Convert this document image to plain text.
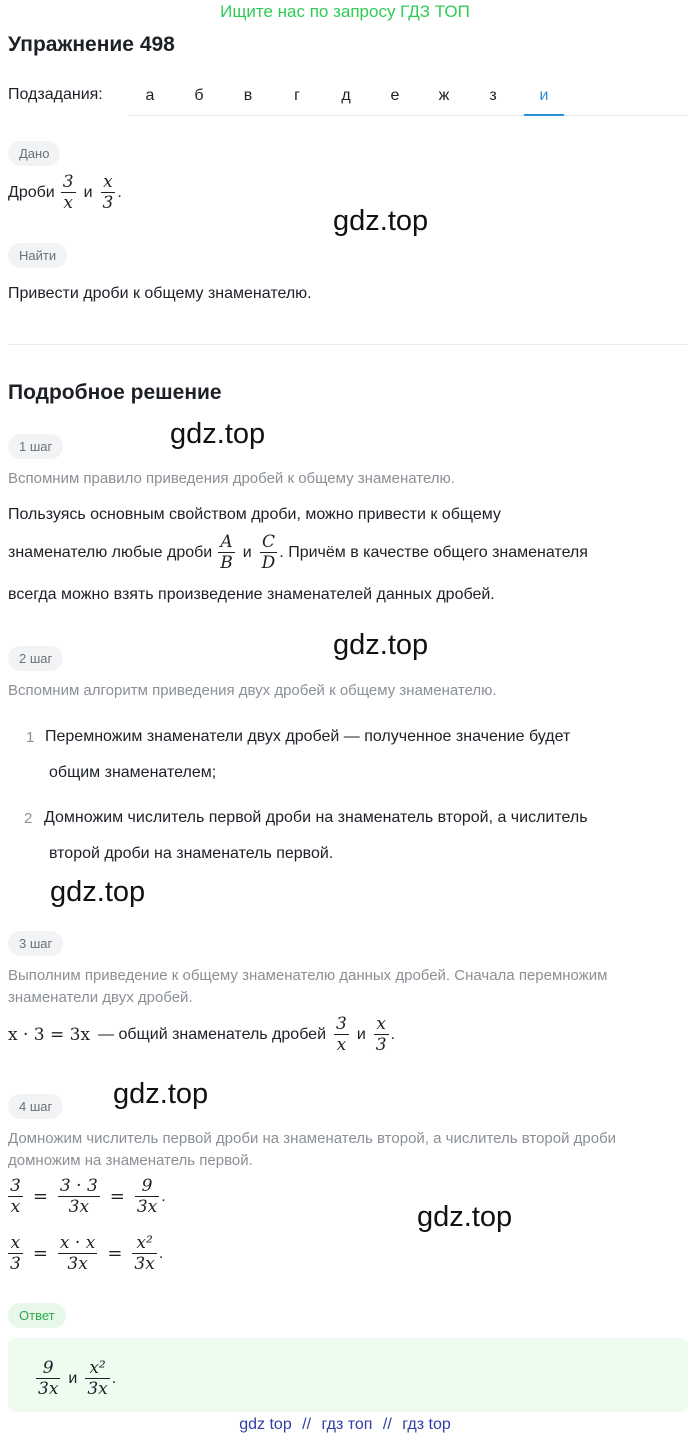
Ищите нас по запросу ГДЗ ТОП
Упражнение 498
Подзадания:	а	б	в	г	д	е	ж	з	и
Дано
Дроби $\frac{3}{x}$ и $\frac{x}{3}$ .
Найти
Привести дроби к общему знаменателю.
Подробное решение
1 шаг
Вспомним правило приведения дробей к общему знаменателю.
Пользуясь основным свойством дроби, можно привести к общему
знаменателю любые дроби $\frac{A}{B}$ и $\frac{C}{D}$ . Причём в качестве общего знаменателя
всегда можно взять произведение знаменателей данных дробей.
2 шаг
Вспомним алгоритм приведения двух дробей к общему знаменателю.
1 Перемножим знаменатели двух дробей — полученное значение будет
общим знаменателем;
2 Домножим числитель первой дроби на знаменатель второй, а числитель
второй дроби на знаменатель первой.
3 шаг
Выполним приведение к общему знаменателю данных дробей. Сначала перемножим
знаменатели двух дробей.
x · 3 = 3x — общий знаменатель дробей $\frac{3}{x}$ и $\frac{x}{3}$ .
4 шаг
Домножим числитель первой дроби на знаменатель второй, а числитель второй дроби
домножим на знаменатель первой.
$\frac{3}{x} = \frac{3 \cdot 3}{3x} = \frac{9}{3x}$ .
$\frac{x}{3} = \frac{x \cdot x}{3x} = \frac{\text{x²}}{3x}$ .
Ответ
$\frac{9}{3x}$ и $\frac{\text{x²}}{3x}$ .
gdz.top
gdz.top
gdz.top
gdz.top
gdz.top
gdz.top
gdz top // гдз топ // гдз top
